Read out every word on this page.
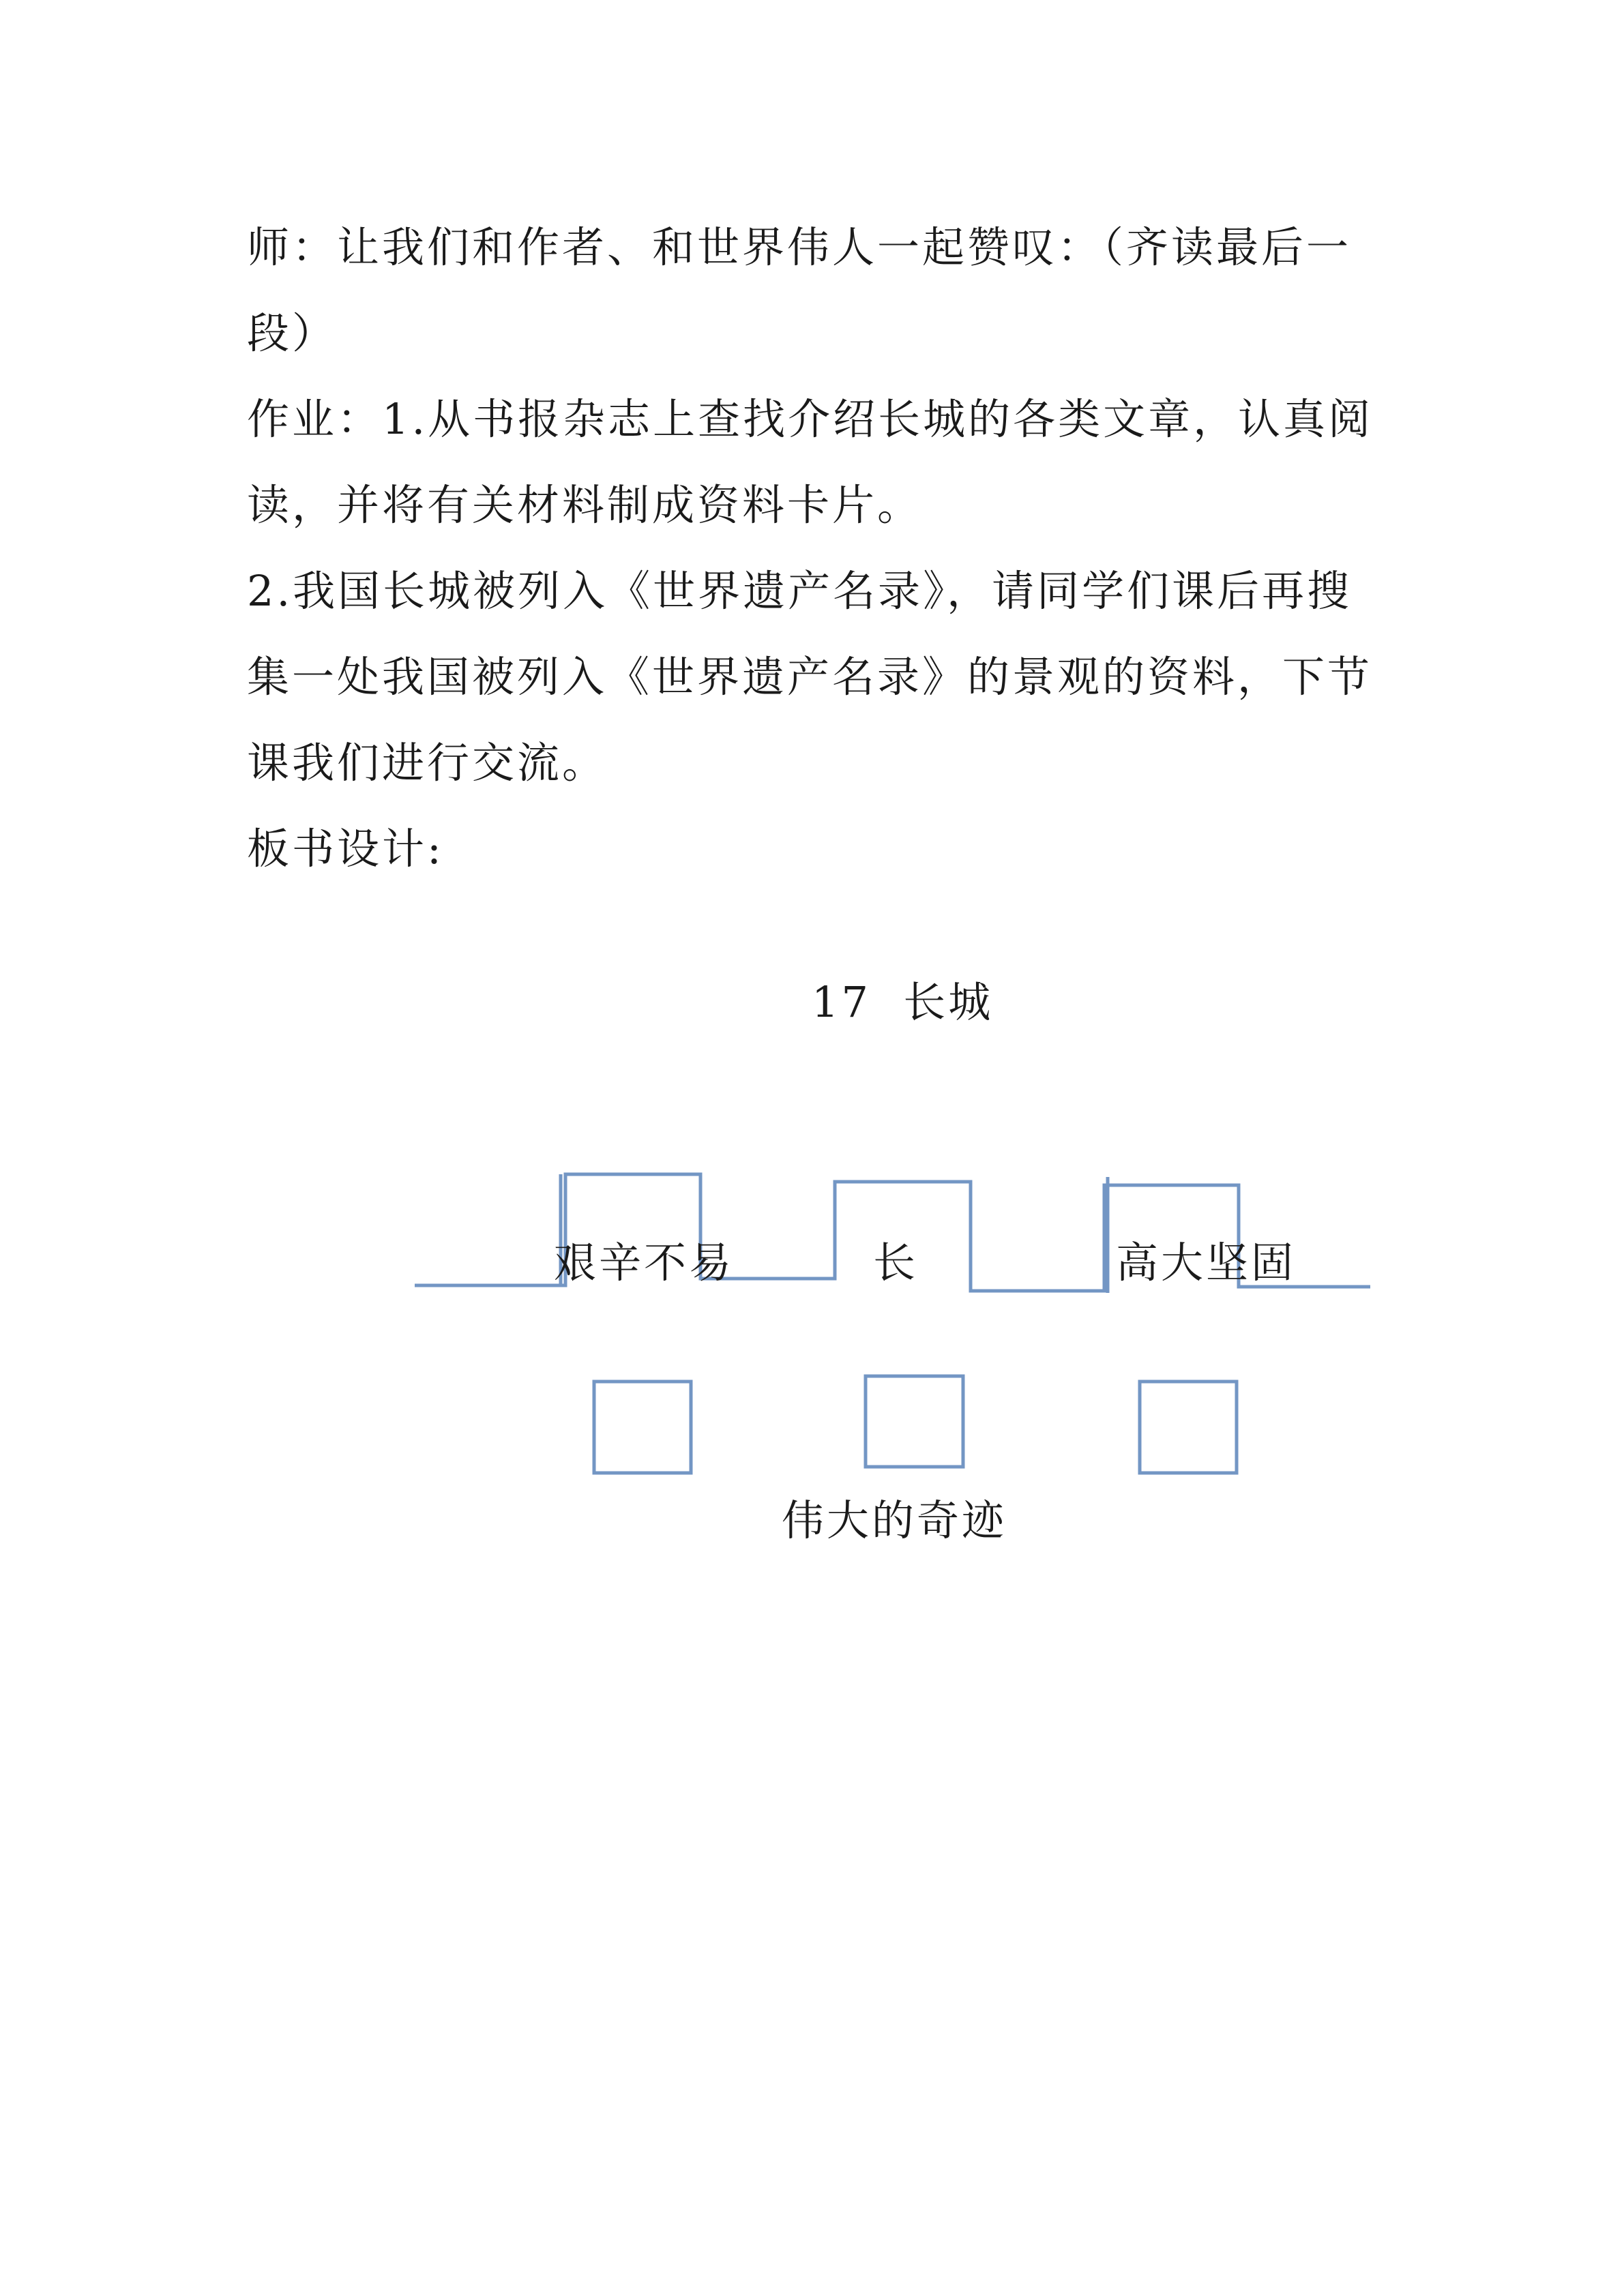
师：让我们和作者、和世界伟人一起赞叹：（齐读最后一段）

作业：1.从书报杂志上查找介绍长城的各类文章，认真阅读，并将有关材料制成资料卡片。

2.我国长城被列入《世界遗产名录》，请同学们课后再搜集一处我国被列入《世界遗产名录》的景观的资料，下节课我们进行交流。

板书设计:

17  长城
艰辛不易	长	高大坚固
伟大的奇迹
